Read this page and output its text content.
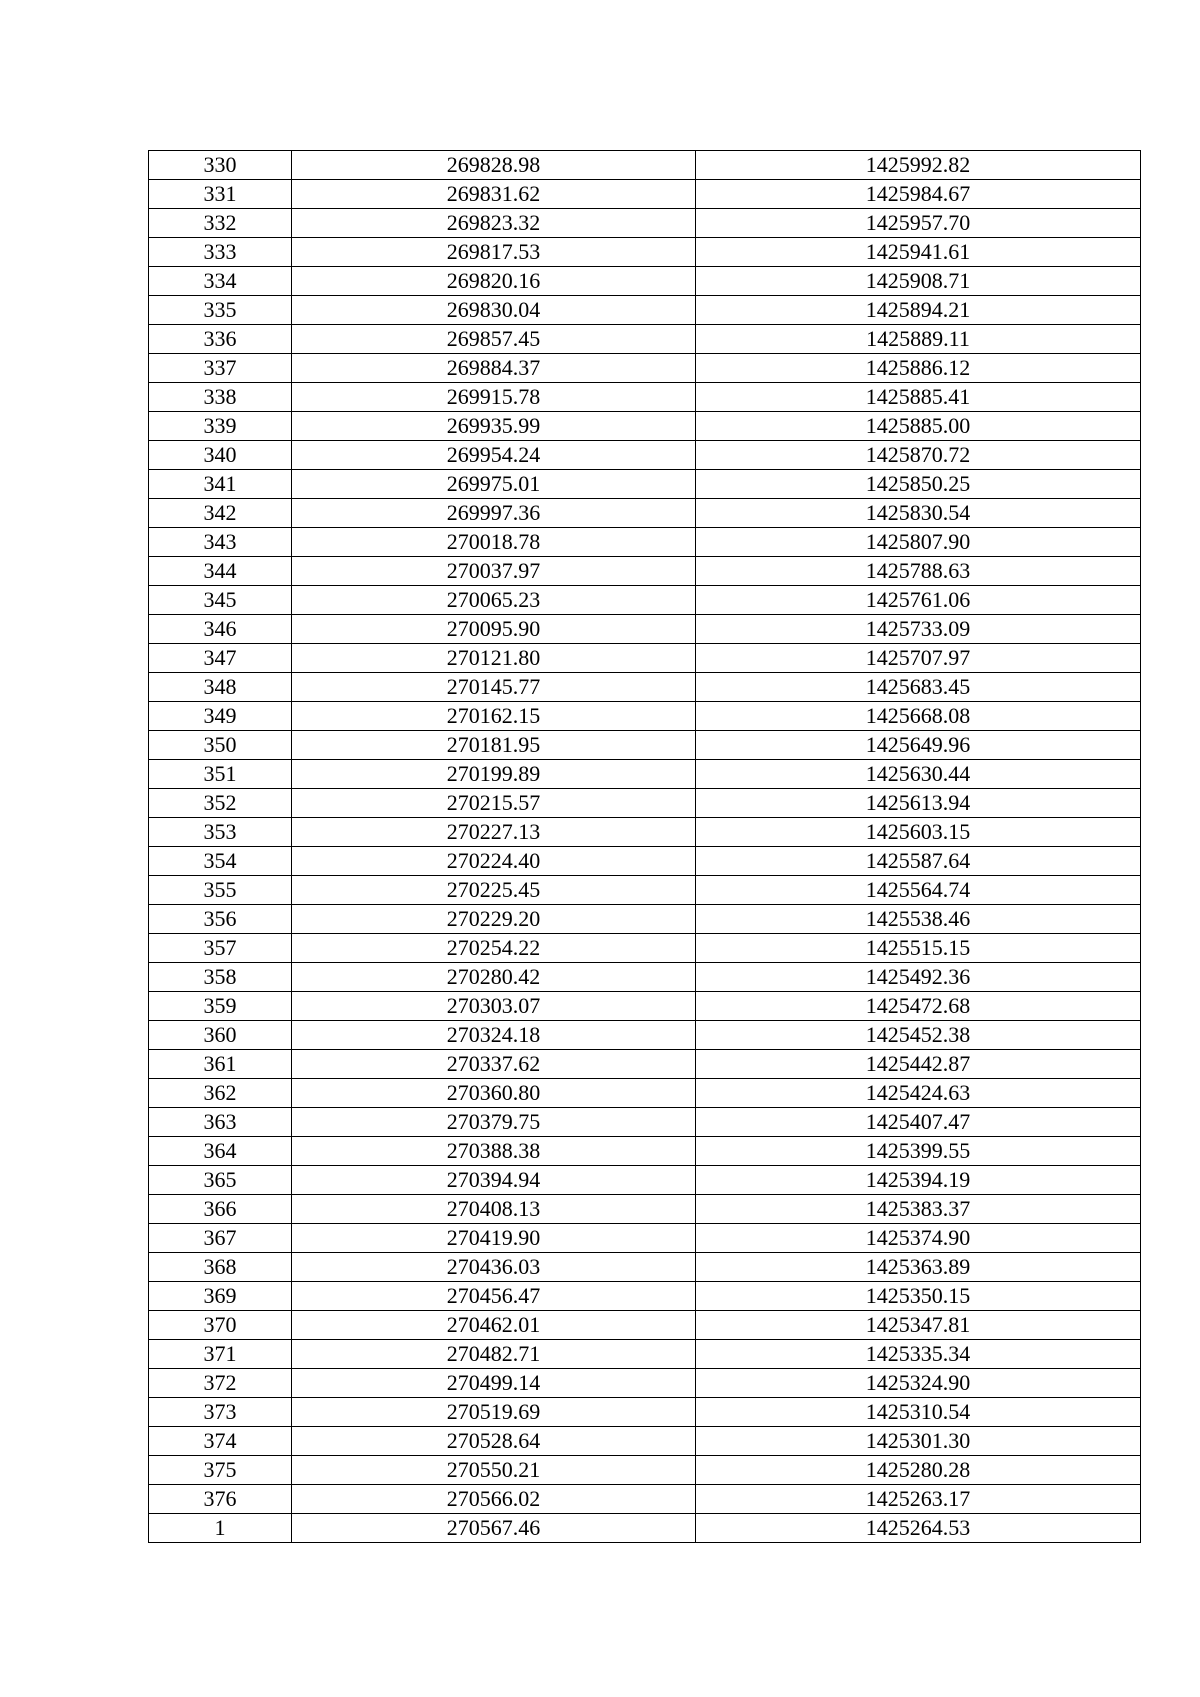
330	269828.98	1425992.82
331	269831.62	1425984.67
332	269823.32	1425957.70
333	269817.53	1425941.61
334	269820.16	1425908.71
335	269830.04	1425894.21
336	269857.45	1425889.11
337	269884.37	1425886.12
338	269915.78	1425885.41
339	269935.99	1425885.00
340	269954.24	1425870.72
341	269975.01	1425850.25
342	269997.36	1425830.54
343	270018.78	1425807.90
344	270037.97	1425788.63
345	270065.23	1425761.06
346	270095.90	1425733.09
347	270121.80	1425707.97
348	270145.77	1425683.45
349	270162.15	1425668.08
350	270181.95	1425649.96
351	270199.89	1425630.44
352	270215.57	1425613.94
353	270227.13	1425603.15
354	270224.40	1425587.64
355	270225.45	1425564.74
356	270229.20	1425538.46
357	270254.22	1425515.15
358	270280.42	1425492.36
359	270303.07	1425472.68
360	270324.18	1425452.38
361	270337.62	1425442.87
362	270360.80	1425424.63
363	270379.75	1425407.47
364	270388.38	1425399.55
365	270394.94	1425394.19
366	270408.13	1425383.37
367	270419.90	1425374.90
368	270436.03	1425363.89
369	270456.47	1425350.15
370	270462.01	1425347.81
371	270482.71	1425335.34
372	270499.14	1425324.90
373	270519.69	1425310.54
374	270528.64	1425301.30
375	270550.21	1425280.28
376	270566.02	1425263.17
1	270567.46	1425264.53
